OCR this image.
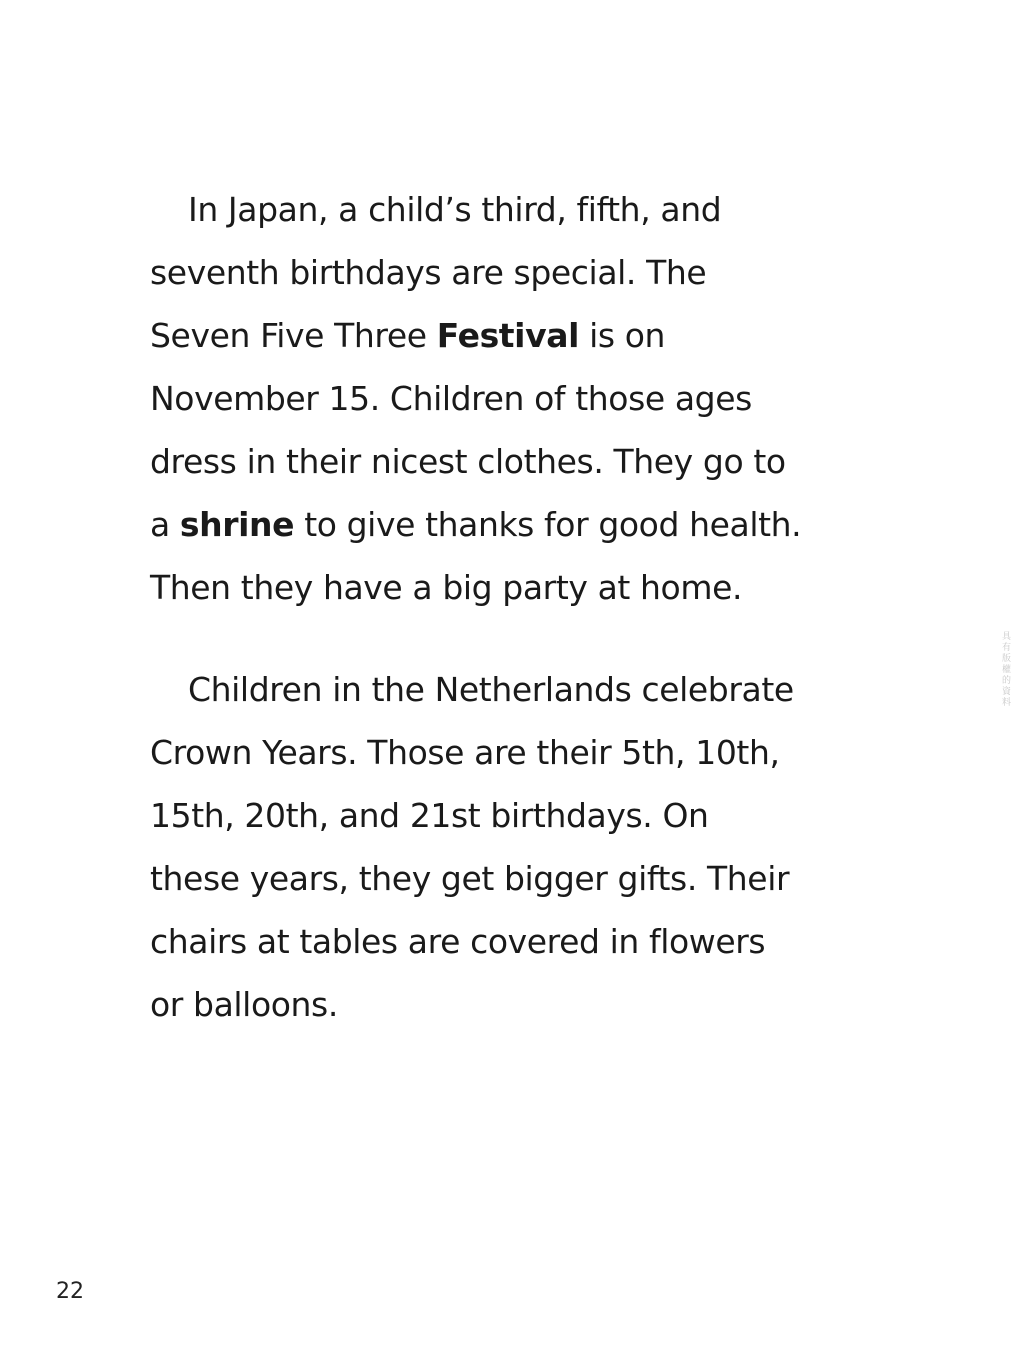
In Japan, a child’s third, fifth, and
seventh birthdays are special. The
Seven Five Three Festival is on
November 15. Children of those ages
dress in their nicest clothes. They go to
a shrine to give thanks for good health.
Then they have a big party at home.
Children in the Netherlands celebrate
Crown Years. Those are their 5th, 10th,
15th, 20th, and 21st birthdays. On
these years, they get bigger gifts. Their
chairs at tables are covered in flowers
or balloons.
具有版權的資料
22
